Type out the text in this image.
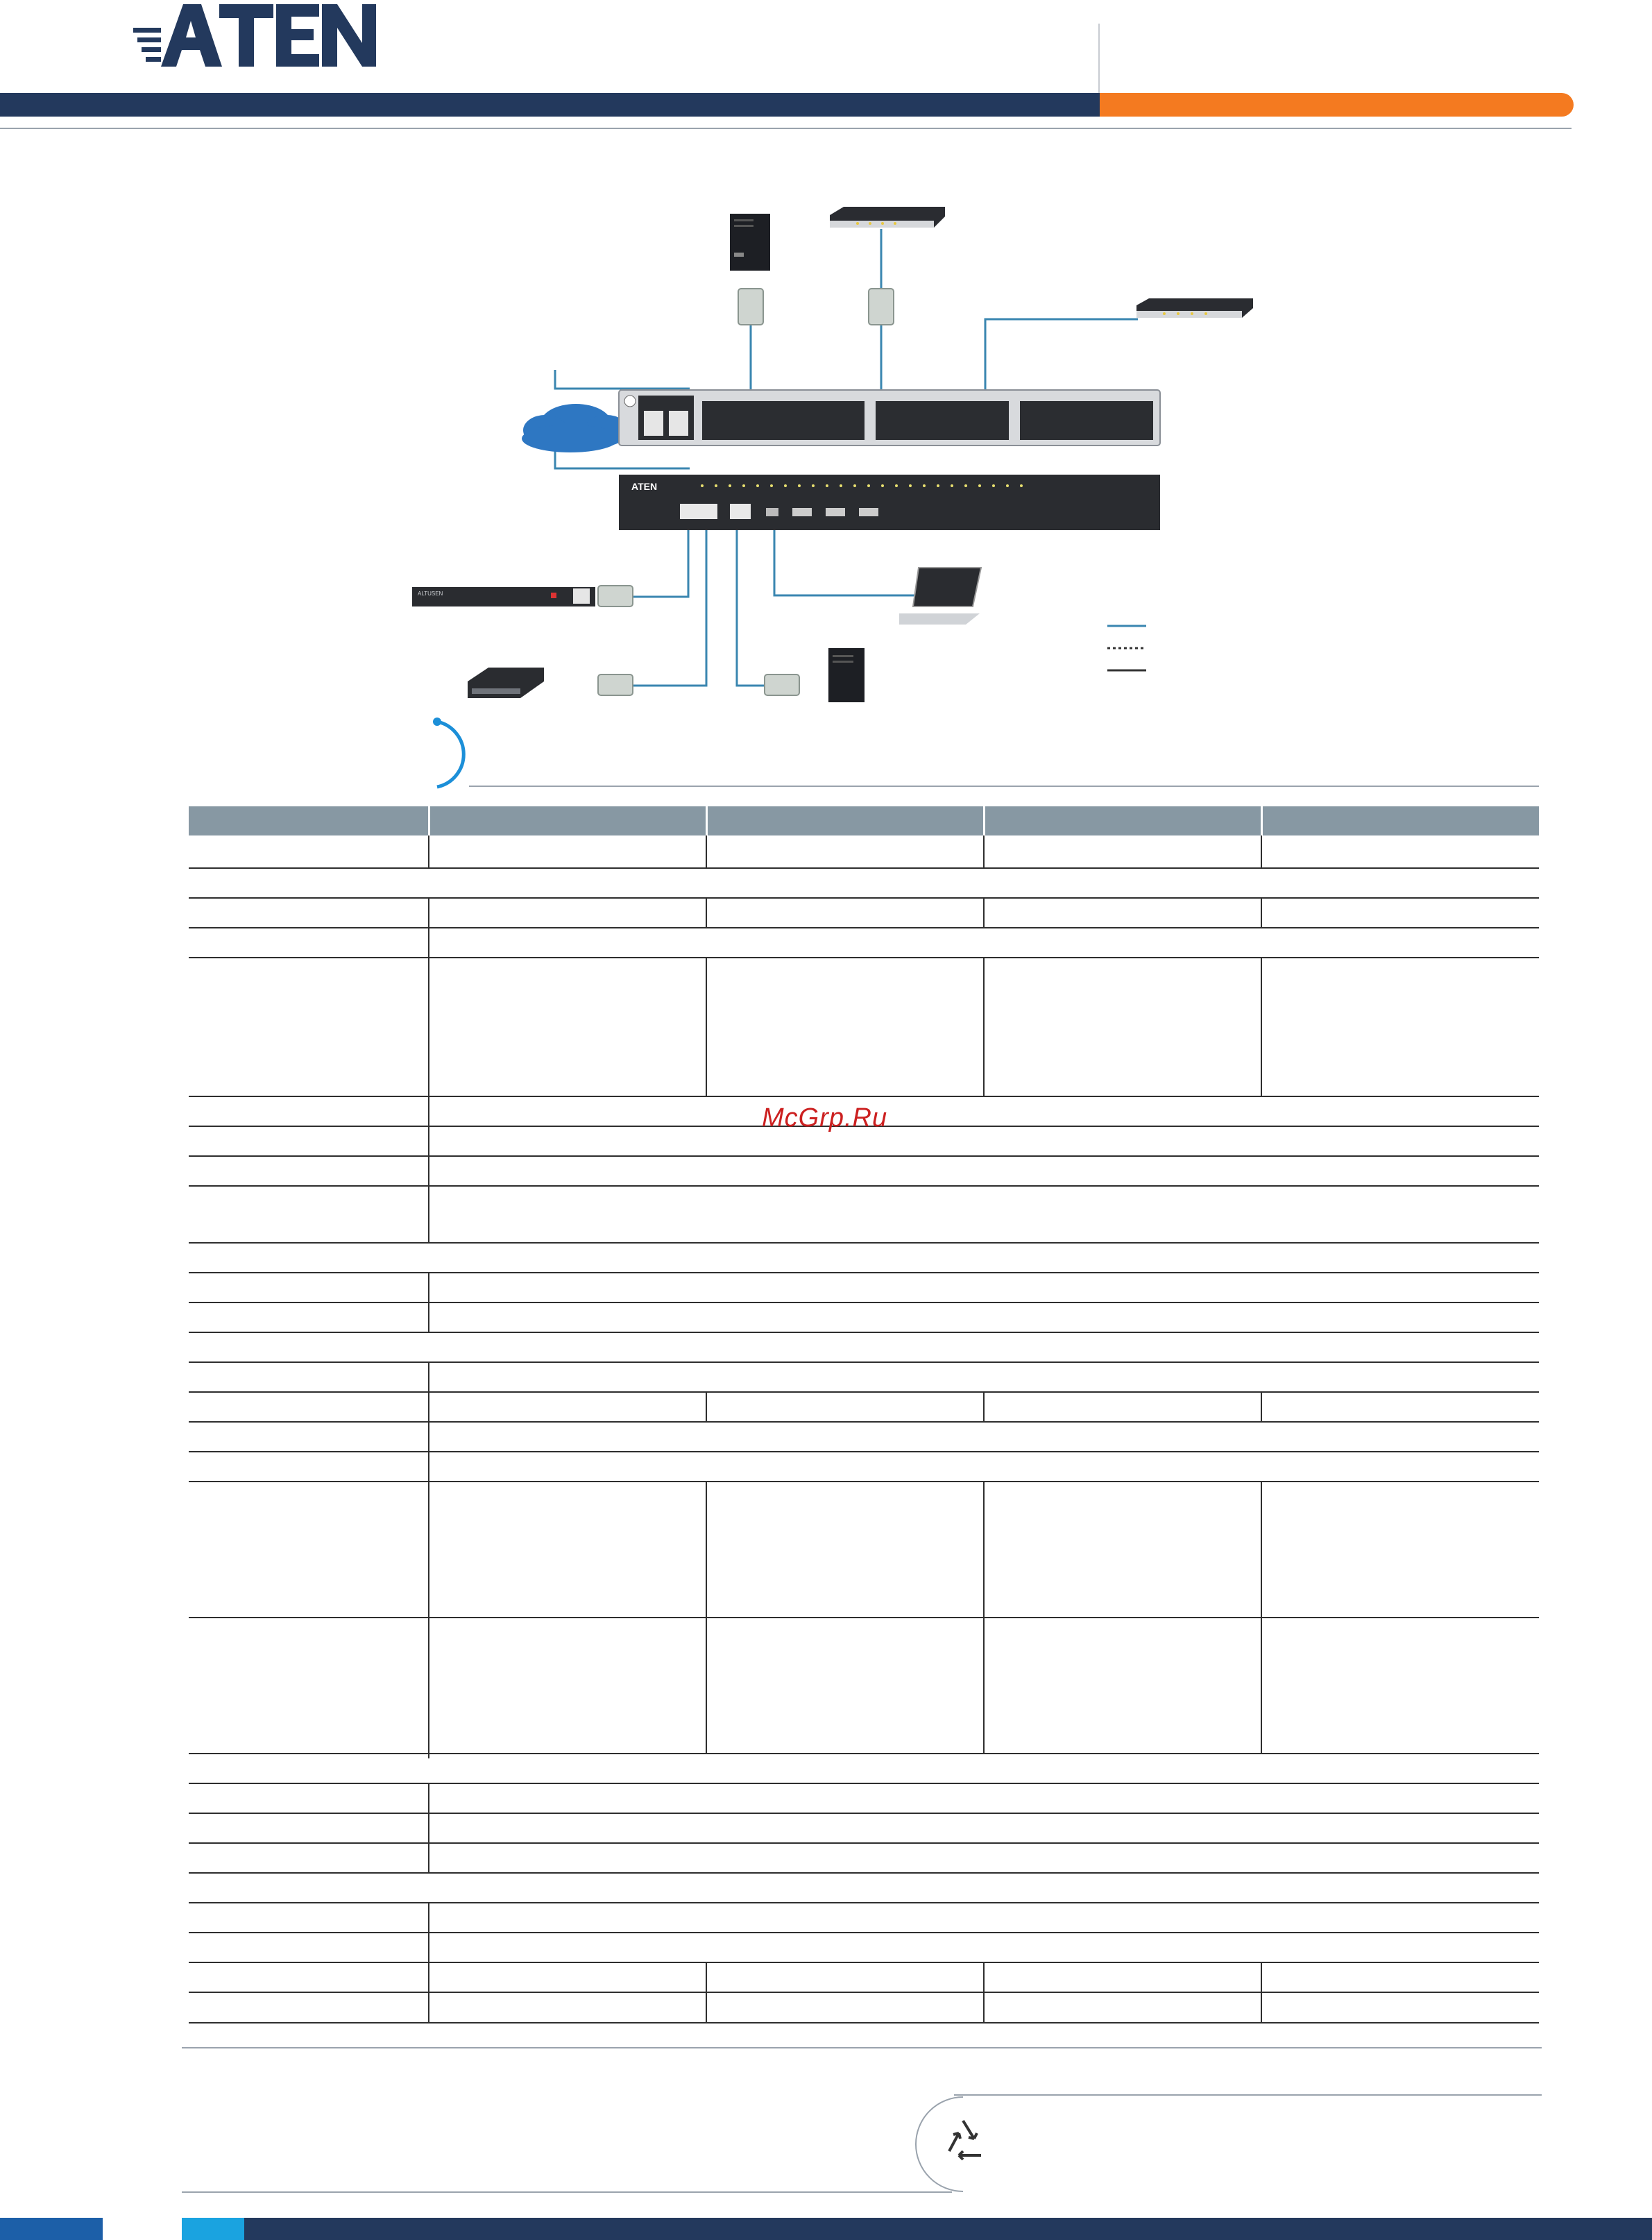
ATEN
ALTUSEN
McGrp.Ru
